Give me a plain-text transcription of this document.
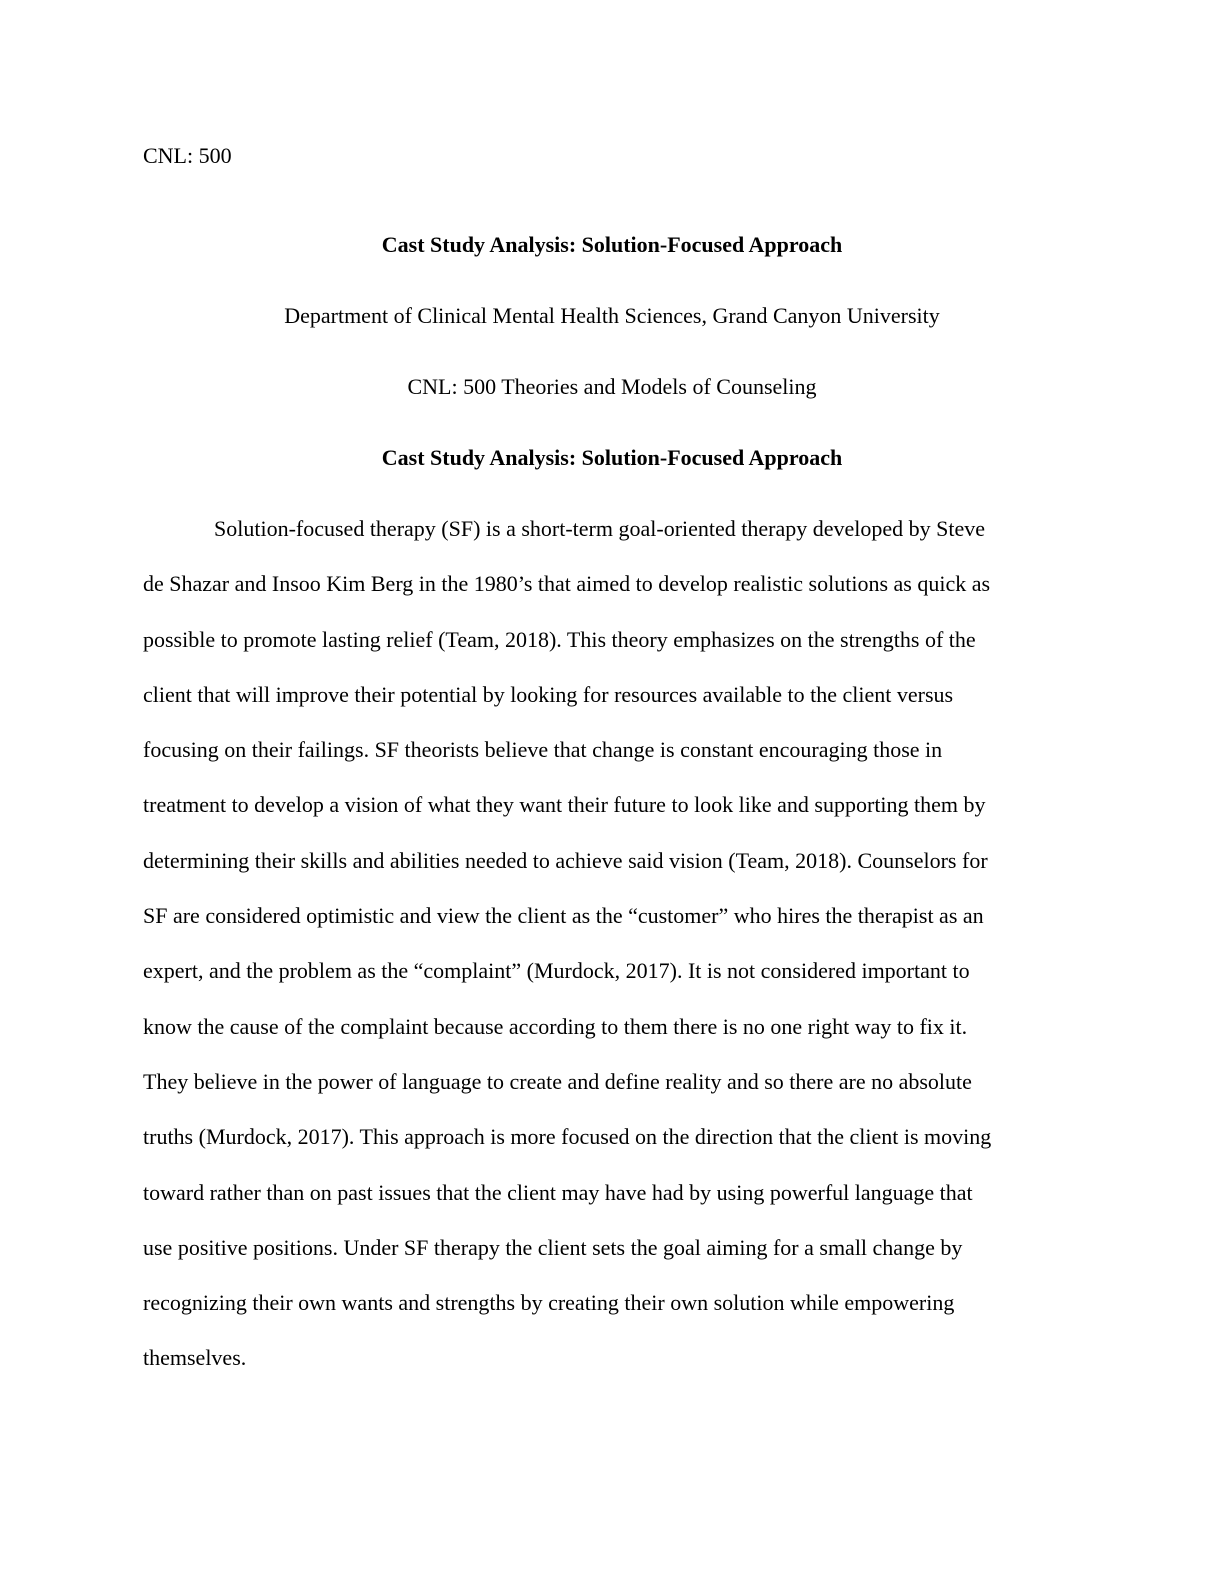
CNL: 500

Cast Study Analysis: Solution-Focused Approach

Department of Clinical Mental Health Sciences, Grand Canyon University

CNL: 500 Theories and Models of Counseling

Cast Study Analysis: Solution-Focused Approach

Solution-focused therapy (SF) is a short-term goal-oriented therapy developed by Steve
de Shazar and Insoo Kim Berg in the 1980’s that aimed to develop realistic solutions as quick as
possible to promote lasting relief (Team, 2018). This theory emphasizes on the strengths of the
client that will improve their potential by looking for resources available to the client versus
focusing on their failings. SF theorists believe that change is constant encouraging those in
treatment to develop a vision of what they want their future to look like and supporting them by
determining their skills and abilities needed to achieve said vision (Team, 2018). Counselors for
SF are considered optimistic and view the client as the “customer” who hires the therapist as an
expert, and the problem as the “complaint” (Murdock, 2017). It is not considered important to
know the cause of the complaint because according to them there is no one right way to fix it.
They believe in the power of language to create and define reality and so there are no absolute
truths (Murdock, 2017). This approach is more focused on the direction that the client is moving
toward rather than on past issues that the client may have had by using powerful language that
use positive positions. Under SF therapy the client sets the goal aiming for a small change by
recognizing their own wants and strengths by creating their own solution while empowering
themselves.
